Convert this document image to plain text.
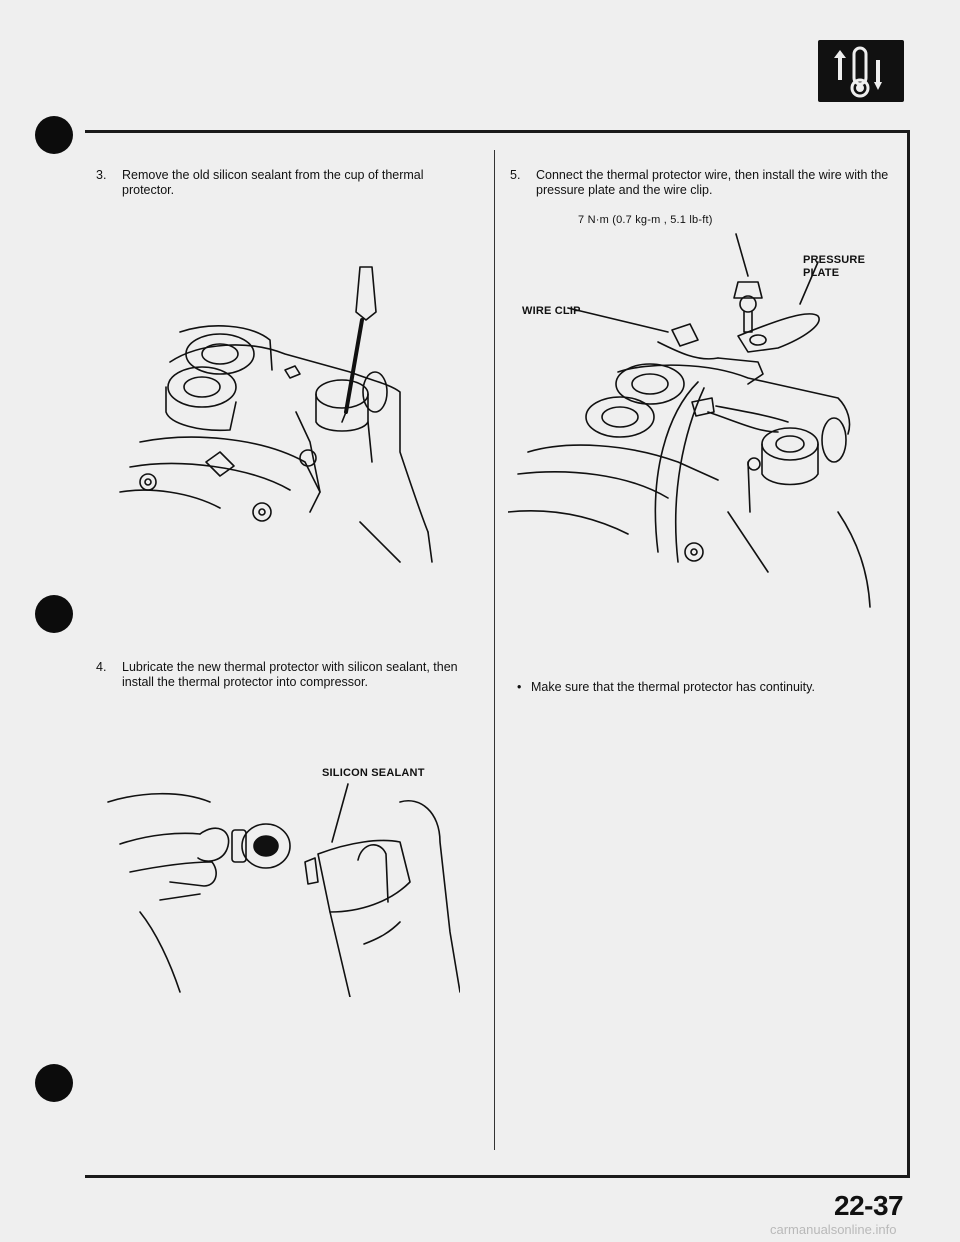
3.	Remove the old silicon sealant from the cup of thermal protector.
4.	Lubricate the new thermal protector with silicon sealant, then install the thermal protector into compressor.
SILICON SEALANT
5.	Connect the thermal protector wire, then install the wire with the pressure plate and the wire clip.
7 N·m (0.7 kg-m , 5.1 lb-ft)
PRESSURE
PLATE
WIRE CLIP
• Make sure that the thermal protector has continuity.
22-37
carmanualsonline.info
